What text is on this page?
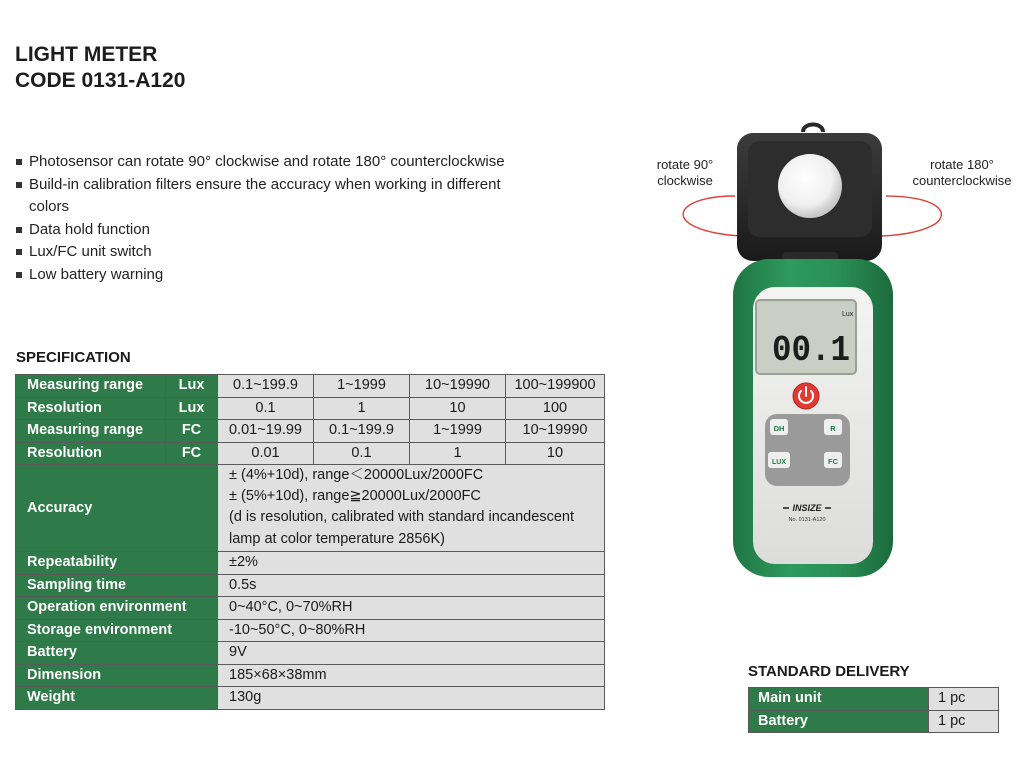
LIGHT METER
CODE 0131-A120
Photosensor can rotate 90° clockwise and rotate 180° counterclockwise
Build-in calibration filters ensure the accuracy when working in different colors
Data hold function
Lux/FC unit switch
Low battery warning
SPECIFICATION
Measuring range	Lux	0.1~199.9	1~1999	10~19990	100~199900
Resolution	Lux	0.1	1	10	100
Measuring range	FC	0.01~19.99	0.1~199.9	1~1999	10~19990
Resolution	FC	0.01	0.1	1	10
Accuracy		± (4%+10d), range＜20000Lux/2000FC
± (5%+10d), range≧20000Lux/2000FC
(d is resolution, calibrated with standard incandescent
lamp at color temperature 2856K)			

Repeatability		±2%			
Sampling time		0.5s			
Operation environment		0~40°C, 0~70%RH			
Storage environment		-10~50°C, 0~80%RH			
Battery		9V			
Dimension		185×68×38mm			
Weight		130g			
STANDARD DELIVERY
Main unit	1 pc
Battery	1 pc
rotate 90°
clockwise
rotate 180°
counterclockwise
Lux
00.1
DH	R
LUX	FC
INSIZE
No. 0131-A120
